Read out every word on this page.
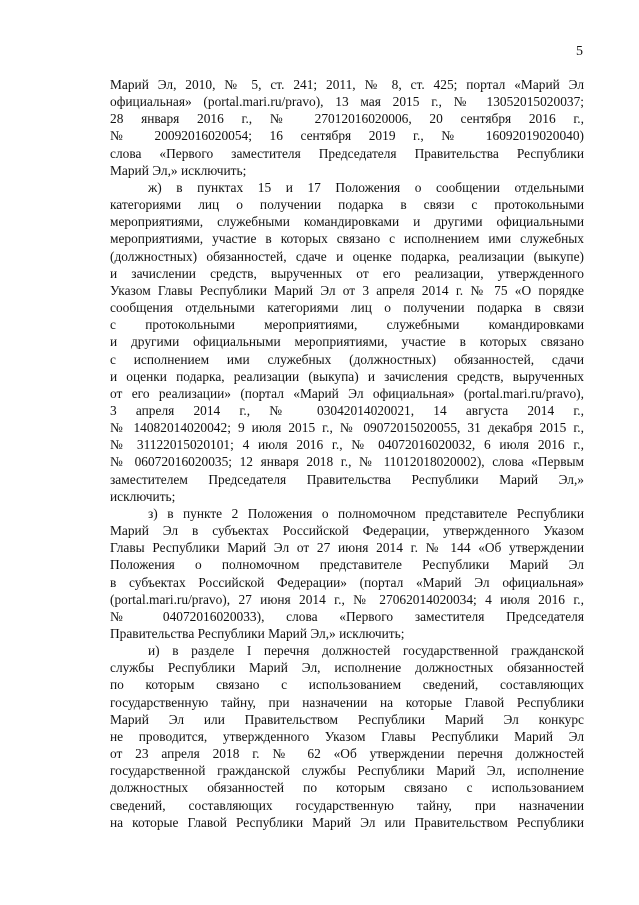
5
Марий Эл, 2010, № 5, ст. 241; 2011, № 8, ст. 425; портал «Марий Эл
официальная» (portal.mari.ru/pravo), 13 мая 2015 г., № 13052015020037;
28 января 2016 г., № 27012016020006, 20 сентября 2016 г.,
№ 20092016020054; 16 сентября 2019 г., № 16092019020040)
слова «Первого заместителя Председателя Правительства Республики
Марий Эл,» исключить;
ж) в пунктах 15 и 17 Положения о сообщении отдельными
категориями лиц о получении подарка в связи с протокольными
мероприятиями, служебными командировками и другими официальными
мероприятиями, участие в которых связано с исполнением ими служебных
(должностных) обязанностей, сдаче и оценке подарка, реализации (выкупе)
и зачислении средств, вырученных от его реализации, утвержденного
Указом Главы Республики Марий Эл от 3 апреля 2014 г. № 75 «О порядке
сообщения отдельными категориями лиц о получении подарка в связи
с протокольными мероприятиями, служебными командировками
и другими официальными мероприятиями, участие в которых связано
с исполнением ими служебных (должностных) обязанностей, сдачи
и оценки подарка, реализации (выкупа) и зачисления средств, вырученных
от его реализации» (портал «Марий Эл официальная» (portal.mari.ru/pravo),
3 апреля 2014 г., № 03042014020021, 14 августа 2014 г.,
№ 14082014020042; 9 июля 2015 г., № 09072015020055, 31 декабря 2015 г.,
№ 31122015020101; 4 июля 2016 г., № 04072016020032, 6 июля 2016 г.,
№ 06072016020035; 12 января 2018 г., № 11012018020002), слова «Первым
заместителем Председателя Правительства Республики Марий Эл,»
исключить;
з) в пункте 2 Положения о полномочном представителе Республики
Марий Эл в субъектах Российской Федерации, утвержденного Указом
Главы Республики Марий Эл от 27 июня 2014 г. № 144 «Об утверждении
Положения о полномочном представителе Республики Марий Эл
в субъектах Российской Федерации» (портал «Марий Эл официальная»
(portal.mari.ru/pravo), 27 июня 2014 г., № 27062014020034; 4 июля 2016 г.,
№ 04072016020033), слова «Первого заместителя Председателя
Правительства Республики Марий Эл,» исключить;
и) в разделе I перечня должностей государственной гражданской
службы Республики Марий Эл, исполнение должностных обязанностей
по которым связано с использованием сведений, составляющих
государственную тайну, при назначении на которые Главой Республики
Марий Эл или Правительством Республики Марий Эл конкурс
не проводится, утвержденного Указом Главы Республики Марий Эл
от 23 апреля 2018 г. № 62 «Об утверждении перечня должностей
государственной гражданской службы Республики Марий Эл, исполнение
должностных обязанностей по которым связано с использованием
сведений, составляющих государственную тайну, при назначении
на которые Главой Республики Марий Эл или Правительством Республики
